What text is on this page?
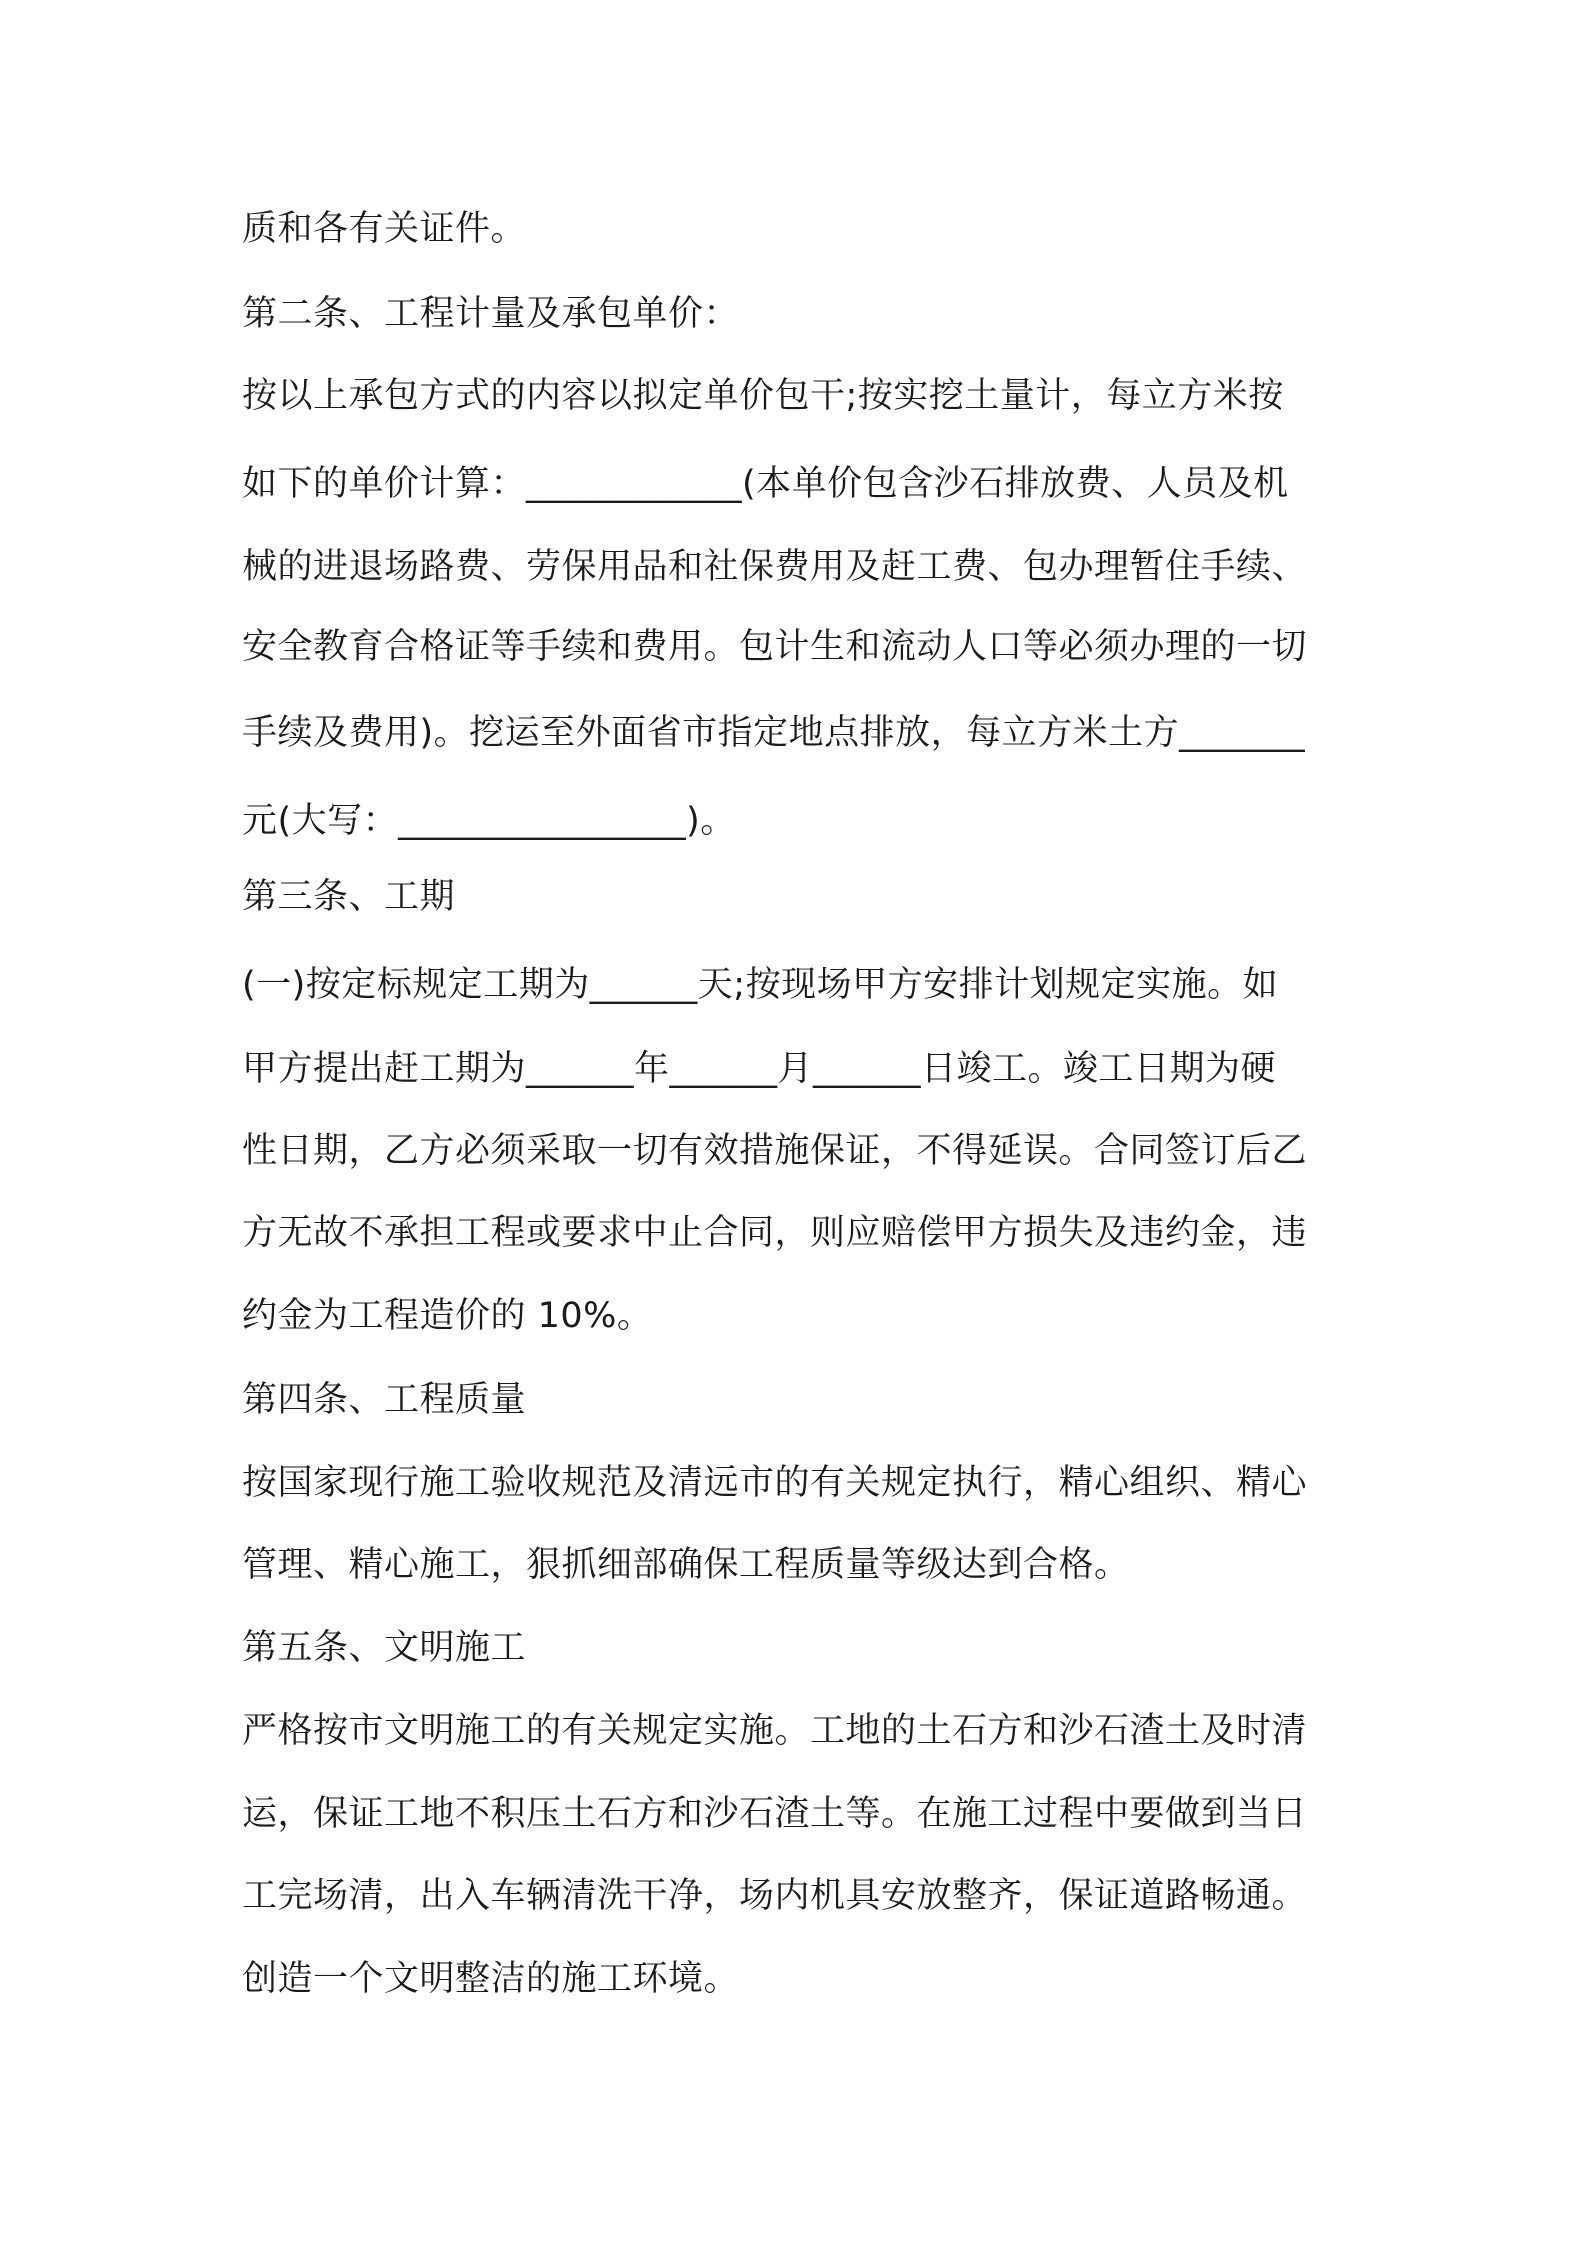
质和各有关证件。
第二条、工程计量及承包单价：
按以上承包方式的内容以拟定单价包干;按实挖土量计，每立方米按
如下的单价计算：____________(本单价包含沙石排放费、人员及机
械的进退场路费、劳保用品和社保费用及赶工费、包办理暂住手续、
安全教育合格证等手续和费用。包计生和流动人口等必须办理的一切
手续及费用)。挖运至外面省市指定地点排放，每立方米土方_______
元(大写：________________)。
第三条、工期
(一)按定标规定工期为______天;按现场甲方安排计划规定实施。如
甲方提出赶工期为______年______月______日竣工。竣工日期为硬
性日期，乙方必须采取一切有效措施保证，不得延误。合同签订后乙
方无故不承担工程或要求中止合同，则应赔偿甲方损失及违约金，违
约金为工程造价的 10%。
第四条、工程质量
按国家现行施工验收规范及清远市的有关规定执行，精心组织、精心
管理、精心施工，狠抓细部确保工程质量等级达到合格。
第五条、文明施工
严格按市文明施工的有关规定实施。工地的土石方和沙石渣土及时清
运，保证工地不积压土石方和沙石渣土等。在施工过程中要做到当日
工完场清，出入车辆清洗干净，场内机具安放整齐，保证道路畅通。
创造一个文明整洁的施工环境。
